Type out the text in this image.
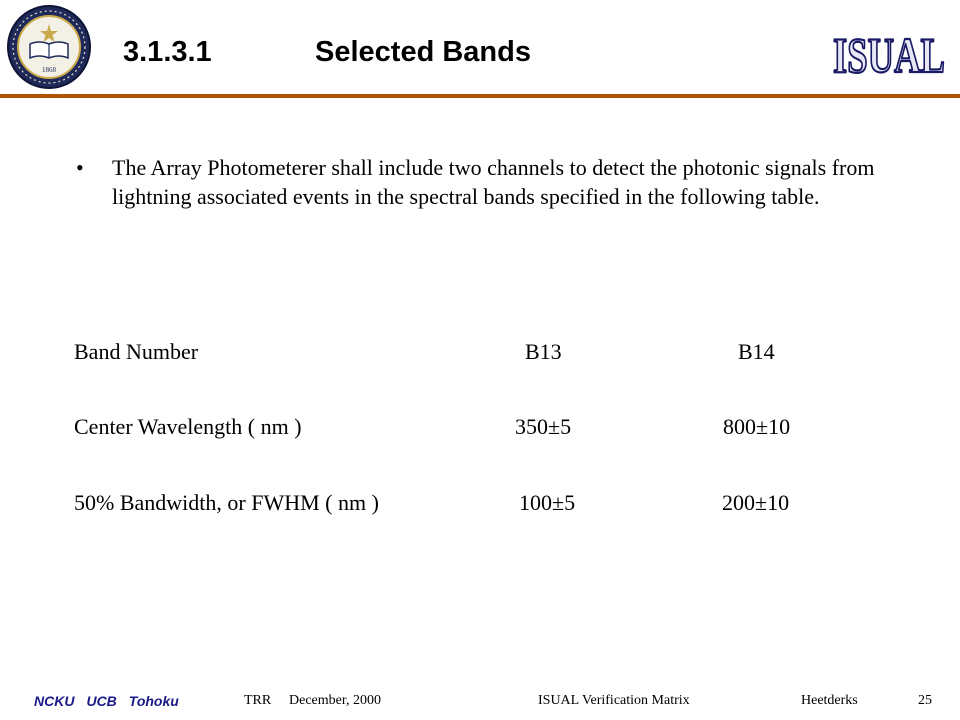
1868
3.1.3.1	Selected Bands	ISUAL
• The Array Photometerer shall include two channels to detect the photonic signals from lightning associated events in the spectral bands specified in the following table.
Band Number	B13	B14
Center Wavelength ( nm )	350±5	800±10
50% Bandwidth, or FWHM ( nm )	100±5	200±10
NCKU UCB Tohoku	TRR December, 2000	ISUAL Verification Matrix	Heetderks	25
